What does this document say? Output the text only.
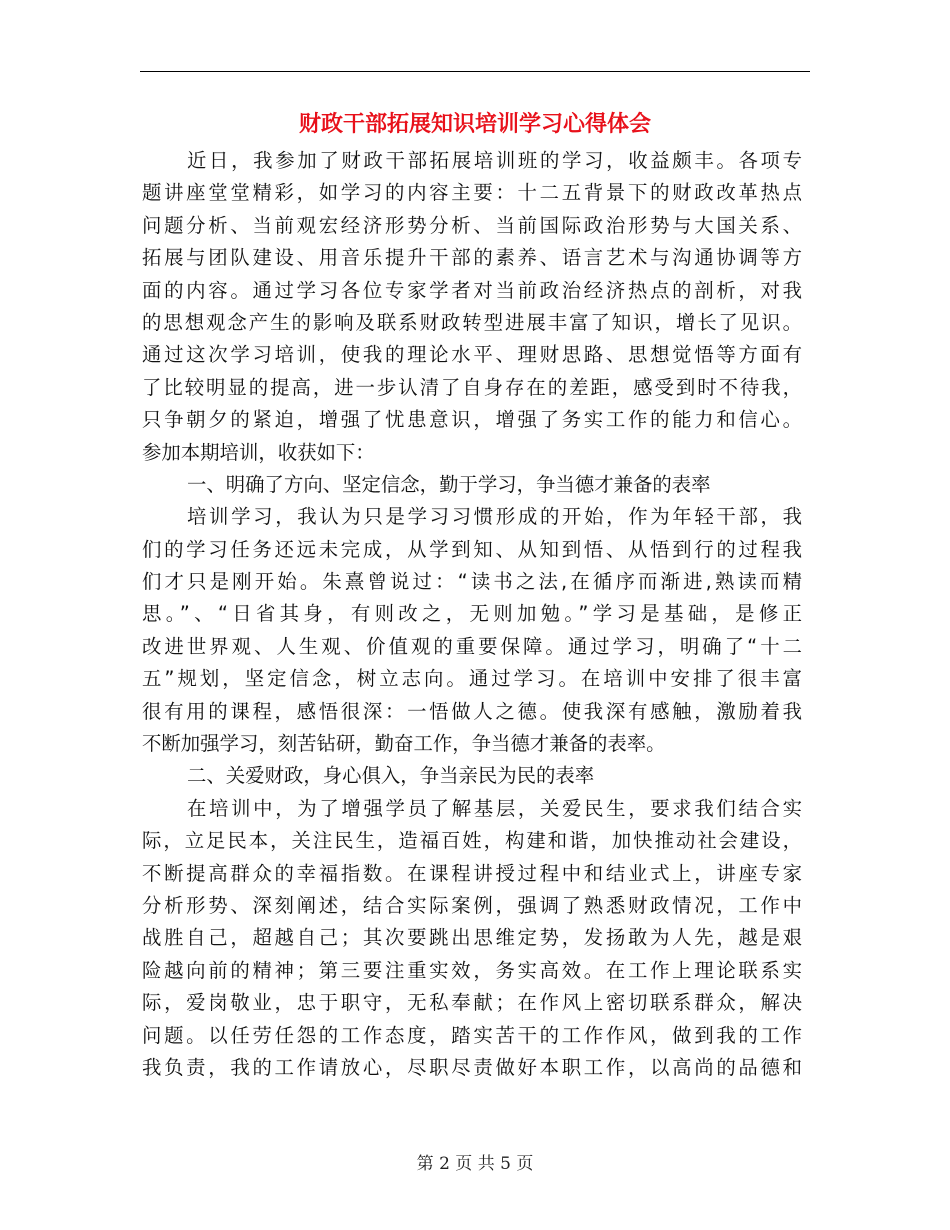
财政干部拓展知识培训学习心得体会
近日，我参加了财政干部拓展培训班的学习，收益颇丰。各项专
题讲座堂堂精彩，如学习的内容主要：十二五背景下的财政改革热点
问题分析、当前观宏经济形势分析、当前国际政治形势与大国关系、
拓展与团队建设、用音乐提升干部的素养、语言艺术与沟通协调等方
面的内容。通过学习各位专家学者对当前政治经济热点的剖析，对我
的思想观念产生的影响及联系财政转型进展丰富了知识，增长了见识。
通过这次学习培训，使我的理论水平、理财思路、思想觉悟等方面有
了比较明显的提高，进一步认清了自身存在的差距，感受到时不待我，
只争朝夕的紧迫，增强了忧患意识，增强了务实工作的能力和信心。
参加本期培训，收获如下：
一、明确了方向、坚定信念，勤于学习，争当德才兼备的表率
培训学习，我认为只是学习习惯形成的开始，作为年轻干部，我
们的学习任务还远未完成，从学到知、从知到悟、从悟到行的过程我
们才只是刚开始。朱熹曾说过：“读书之法,在循序而渐进,熟读而精
思。”、“日省其身，有则改之，无则加勉。”学习是基础，是修正
改进世界观、人生观、价值观的重要保障。通过学习，明确了“十二
五”规划，坚定信念，树立志向。通过学习。在培训中安排了很丰富
很有用的课程，感悟很深：一悟做人之德。使我深有感触，激励着我
不断加强学习，刻苦钻研，勤奋工作，争当德才兼备的表率。
二、关爱财政，身心俱入，争当亲民为民的表率
在培训中，为了增强学员了解基层，关爱民生，要求我们结合实
际，立足民本，关注民生，造福百姓，构建和谐，加快推动社会建设，
不断提高群众的幸福指数。在课程讲授过程中和结业式上，讲座专家
分析形势、深刻阐述，结合实际案例，强调了熟悉财政情况，工作中
战胜自己，超越自己；其次要跳出思维定势，发扬敢为人先，越是艰
险越向前的精神；第三要注重实效，务实高效。在工作上理论联系实
际，爱岗敬业，忠于职守，无私奉献；在作风上密切联系群众，解决
问题。以任劳任怨的工作态度，踏实苦干的工作作风，做到我的工作
我负责，我的工作请放心，尽职尽责做好本职工作，以高尚的品德和
第 2 页 共 5 页
